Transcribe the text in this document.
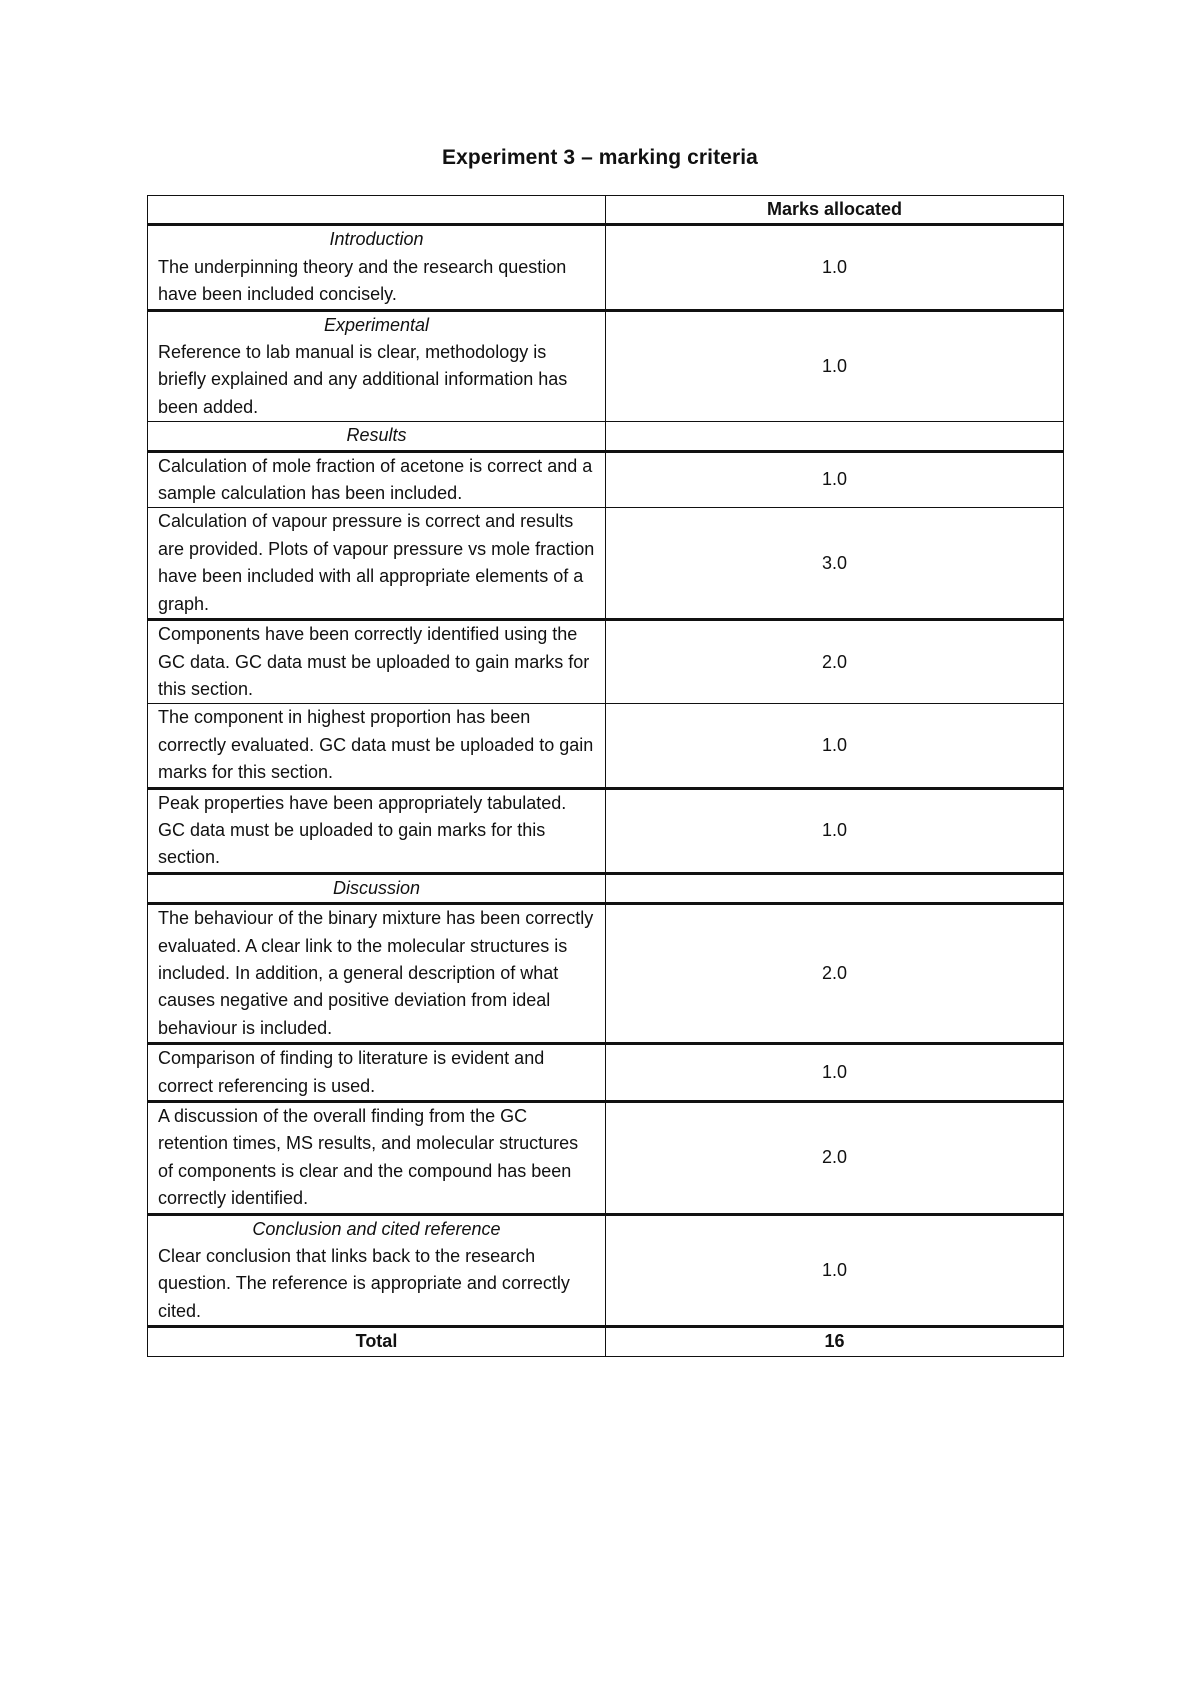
Experiment 3 – marking criteria
	Marks allocated

Introduction
The underpinning theory and the research question have been included concisely.	1.0

Experimental
Reference to lab manual is clear, methodology is briefly explained and any additional information has been added.	1.0

Results	

Calculation of mole fraction of acetone is correct and a sample calculation has been included.	1.0

Calculation of vapour pressure is correct and results are provided. Plots of vapour pressure vs mole fraction have been included with all appropriate elements of a graph.	3.0

Components have been correctly identified using the GC data. GC data must be uploaded to gain marks for this section.	2.0

The component in highest proportion has been correctly evaluated. GC data must be uploaded to gain marks for this section.	1.0

Peak properties have been appropriately tabulated. GC data must be uploaded to gain marks for this section.	1.0

Discussion	

The behaviour of the binary mixture has been correctly evaluated. A clear link to the molecular structures is included. In addition, a general description of what causes negative and positive deviation from ideal behaviour is included.	2.0

Comparison of finding to literature is evident and correct referencing is used.	1.0

A discussion of the overall finding from the GC retention times, MS results, and molecular structures of components is clear and the compound has been correctly identified.	2.0

Conclusion and cited reference
Clear conclusion that links back to the research question. The reference is appropriate and correctly cited.	1.0
Total	16
